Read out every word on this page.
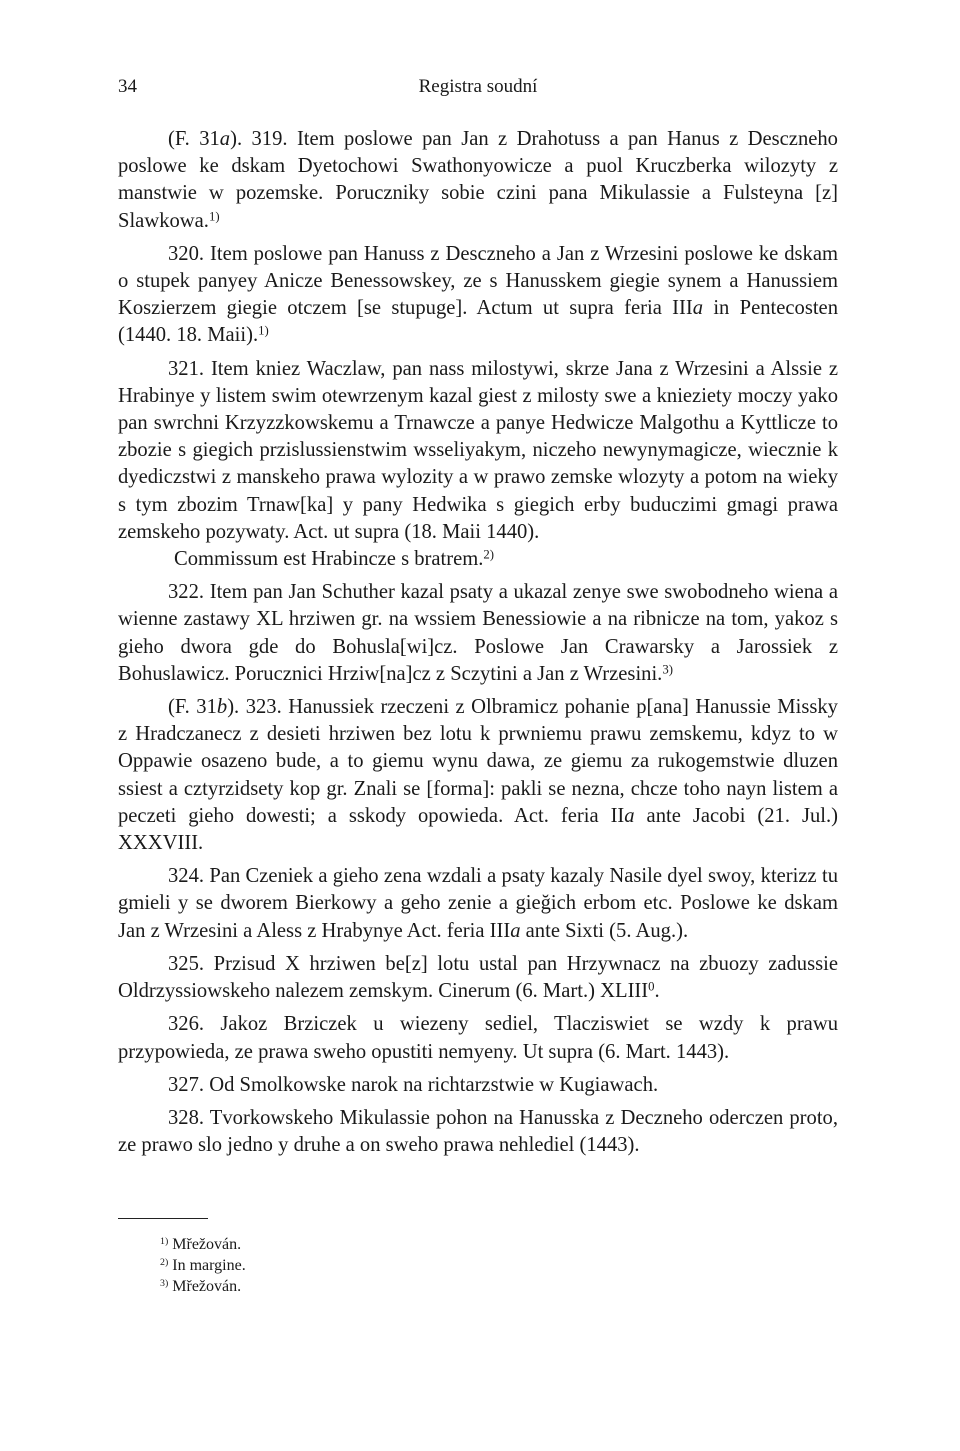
34	Registra soudní

(F. 31a). 319. Item poslowe pan Jan z Drahotuss a pan Hanus z Desczneho poslowe ke dskam Dyetochowi Swathonyowicze a puol Kruczberka wilozyty z manstwie w pozemske. Porucznikу sobie czini pana Mikulassie a Fulsteyna [z] Slawkowa.$^{1)}$

320. Item poslowe pan Hanuss z Desczneho a Jan z Wrzesini poslowe ke dskam o stupek panyey Anicze Benessowskey, ze s Hanusskem giegie synem a Hanussiem Koszierzem giegie otczem [se stupuge]. Actum ut supra feria IIIa in Pentecosten (1440. 18. Maii).$^{1)}$

321. Item kniez Waczlaw, pan nass milostywi, skrze Jana z Wrzesini a Alssie z Hrabinye y listem swim otewrzenym kazal giest z milosty swe a knieziety moczy yako pan swrchni Krzyzzkowskemu a Trnawcze a panye Hedwicze Malgothu a Kyttlicze to zbozie s giegich przislussienstwim wsseliyakym, niczeho newynymagicze, wiecznie k dyediczstwi z manskeho prawa wylozity a w prawo zemske wlozyty a potom na wieky s tym zbozim Trnaw[ka] y pany Hedwika s giegich erby buduczimi gmagi prawa zemskeho pozywaty. Act. ut supra (18. Maii 1440).

Commissum est Hrabincze s bratrem.$^{2)}$

322. Item pan Jan Schuther kazal psaty a ukazal zenye swe swobodneho wiena a wienne zastawy XL hrziwen gr. na wssiem Benessiowie a na ribnicze na tom, yakoz s gieho dwora gde do Bohusla[wi]cz. Poslowe Jan Crawarsky a Jarossiek z Bohuslawicz. Porucznici Hrziw[na]cz z Sczytini a Jan z Wrzesini.$^{3)}$

(F. 31b). 323. Hanussiek rzeczeni z Olbramicz pohanie p[ana] Hanussie Missky z Hradczanecz z desieti hrziwen bez lotu k prwniemu prawu zemskemu, kdyz to w Oppawie osazeno bude, a to giemu wynu dawa, ze giemu za rukogemstwie dluzen ssiest a cztyrzidsety kop gr. Znali se [forma]: pakli se nezna, chcze toho nayn listem a peczeti gieho dowesti; a sskody opowieda. Act. feria IIa ante Jacobi (21. Jul.) XXXVIII.

324. Pan Czeniek a gieho zena wzdali a psaty kazaly Nasile dyel swoy, kterizz tu gmieli y se dworem Bierkowy a geho zenie a gieğich erbom etc. Poslowe ke dskam Jan z Wrzesini a Aless z Hrabynye Act. feria IIIa ante Sixti (5. Aug.).

325. Przisud X hrziwen be[z] lotu ustal pan Hrzywnacz na zbuozy zadussie Oldrzyssiowskeho nalezem zemskym. Cinerum (6. Mart.) XLIII$^0$.

326. Jakoz Brziczek u wiezeny sediel, Tlacziswiet se wzdy k prawu przypowieda, ze prawa sweho opustiti nemyeny. Ut supra (6. Mart. 1443).

327. Od Smolkowske narok na richtarzstwie w Kugiawach.

328. Tvorkowskeho Mikulassie pohon na Hanusska z Deczneho oderczen proto, ze prawo slo jedno y druhe a on sweho prawa nehlediel (1443).

$^{1)}$ Mřežován.
$^{2)}$ In margine.
$^{3)}$ Mřežován.
